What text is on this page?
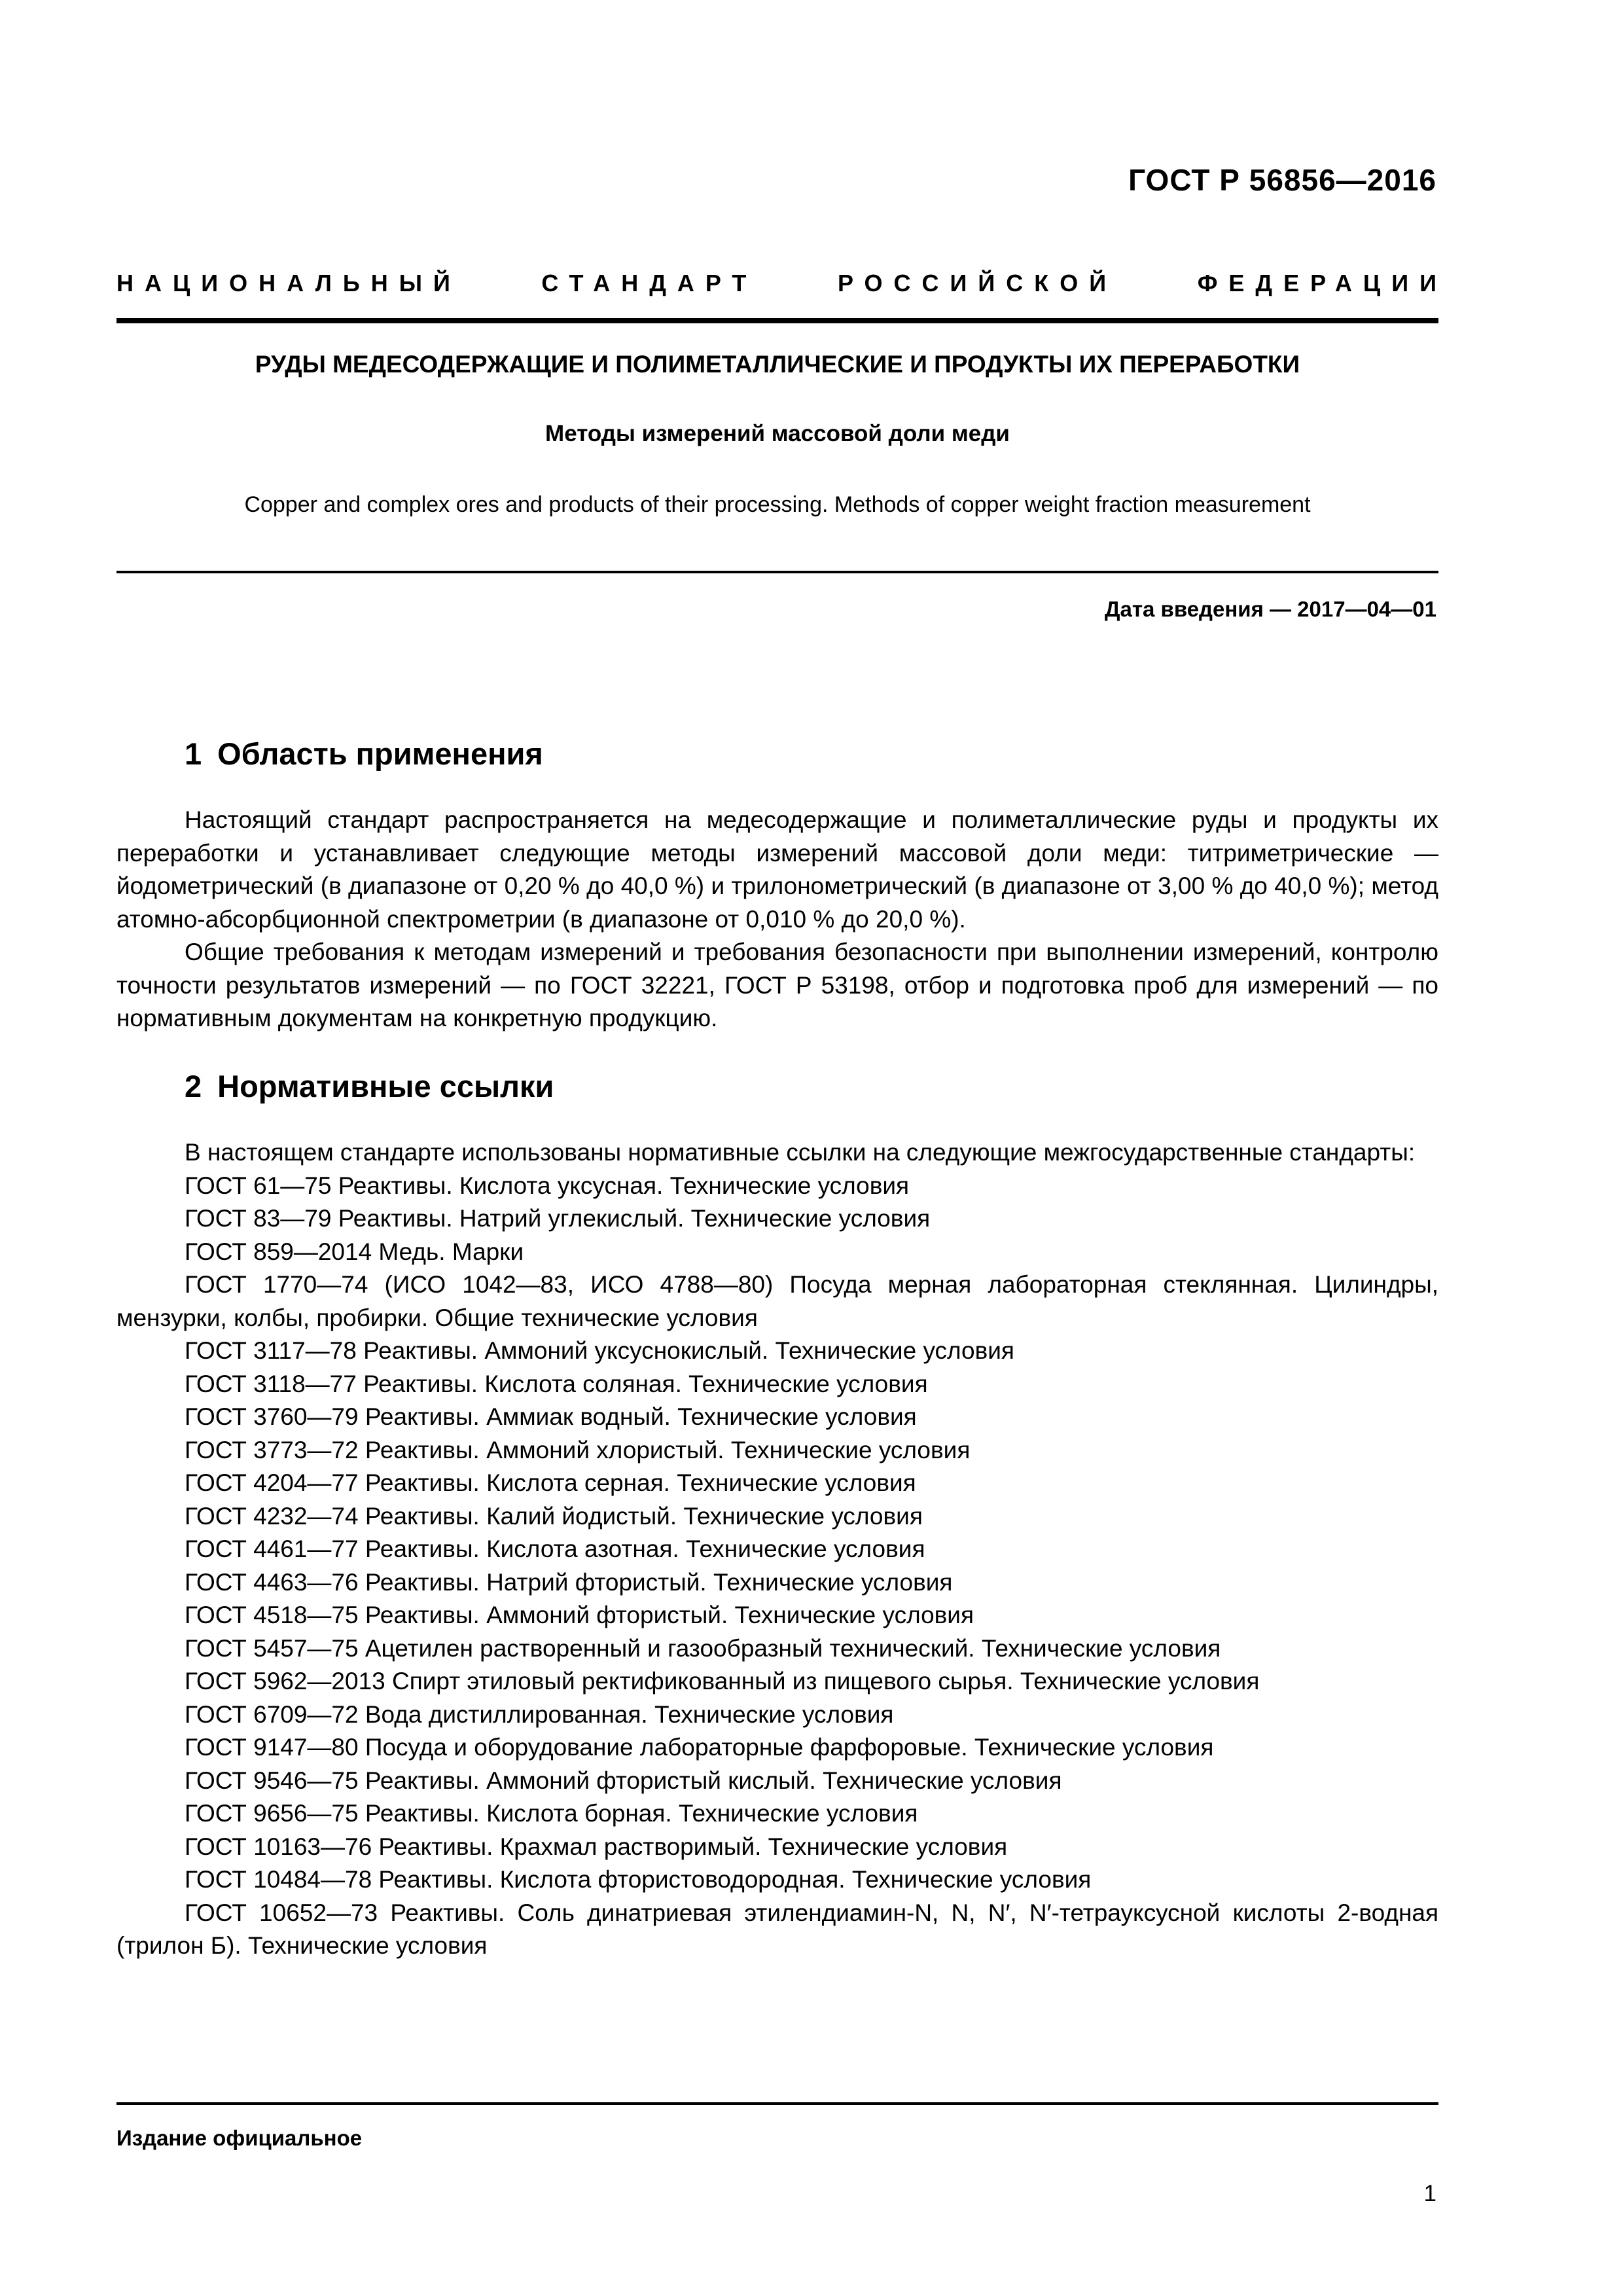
ГОСТ Р 56856—2016
НАЦИОНАЛЬНЫЙ	СТАНДАРТ	РОССИЙСКОЙ	ФЕДЕРАЦИИ
РУДЫ МЕДЕСОДЕРЖАЩИЕ И ПОЛИМЕТАЛЛИЧЕСКИЕ И ПРОДУКТЫ ИХ ПЕРЕРАБОТКИ
Методы измерений массовой доли меди
Copper and complex ores and products of their processing. Methods of copper weight fraction measurement
Дата введения — 2017—04—01
1 Область применения

Настоящий стандарт распространяется на медесодержащие и полиметаллические руды и продукты их переработки и устанавливает следующие методы измерений массовой доли меди: титриметрические — йодометрический (в диапазоне от 0,20 % до 40,0 %) и трилонометрический (в диапазоне от 3,00 % до 40,0 %); метод атомно-абсорбционной спектрометрии (в диапазоне от 0,010 % до 20,0 %).

Общие требования к методам измерений и требования безопасности при выполнении измерений, контролю точности результатов измерений — по ГОСТ 32221, ГОСТ Р 53198, отбор и подготовка проб для измерений — по нормативным документам на конкретную продукцию.

2 Нормативные ссылки

В настоящем стандарте использованы нормативные ссылки на следующие межгосударственные стандарты:

ГОСТ 61—75 Реактивы. Кислота уксусная. Технические условия

ГОСТ 83—79 Реактивы. Натрий углекислый. Технические условия

ГОСТ 859—2014 Медь. Марки

ГОСТ 1770—74 (ИСО 1042—83, ИСО 4788—80) Посуда мерная лабораторная стеклянная. Цилиндры, мензурки, колбы, пробирки. Общие технические условия

ГОСТ 3117—78 Реактивы. Аммоний уксуснокислый. Технические условия

ГОСТ 3118—77 Реактивы. Кислота соляная. Технические условия

ГОСТ 3760—79 Реактивы. Аммиак водный. Технические условия

ГОСТ 3773—72 Реактивы. Аммоний хлористый. Технические условия

ГОСТ 4204—77 Реактивы. Кислота серная. Технические условия

ГОСТ 4232—74 Реактивы. Калий йодистый. Технические условия

ГОСТ 4461—77 Реактивы. Кислота азотная. Технические условия

ГОСТ 4463—76 Реактивы. Натрий фтористый. Технические условия

ГОСТ 4518—75 Реактивы. Аммоний фтористый. Технические условия

ГОСТ 5457—75 Ацетилен растворенный и газообразный технический. Технические условия

ГОСТ 5962—2013 Спирт этиловый ректификованный из пищевого сырья. Технические условия

ГОСТ 6709—72 Вода дистиллированная. Технические условия

ГОСТ 9147—80 Посуда и оборудование лабораторные фарфоровые. Технические условия

ГОСТ 9546—75 Реактивы. Аммоний фтористый кислый. Технические условия

ГОСТ 9656—75 Реактивы. Кислота борная. Технические условия

ГОСТ 10163—76 Реактивы. Крахмал растворимый. Технические условия

ГОСТ 10484—78 Реактивы. Кислота фтористоводородная. Технические условия

ГОСТ 10652—73 Реактивы. Соль динатриевая этилендиамин-N, N, N′, N′-тетрауксусной кислоты 2-водная (трилон Б). Технические условия

Издание официальное
1
